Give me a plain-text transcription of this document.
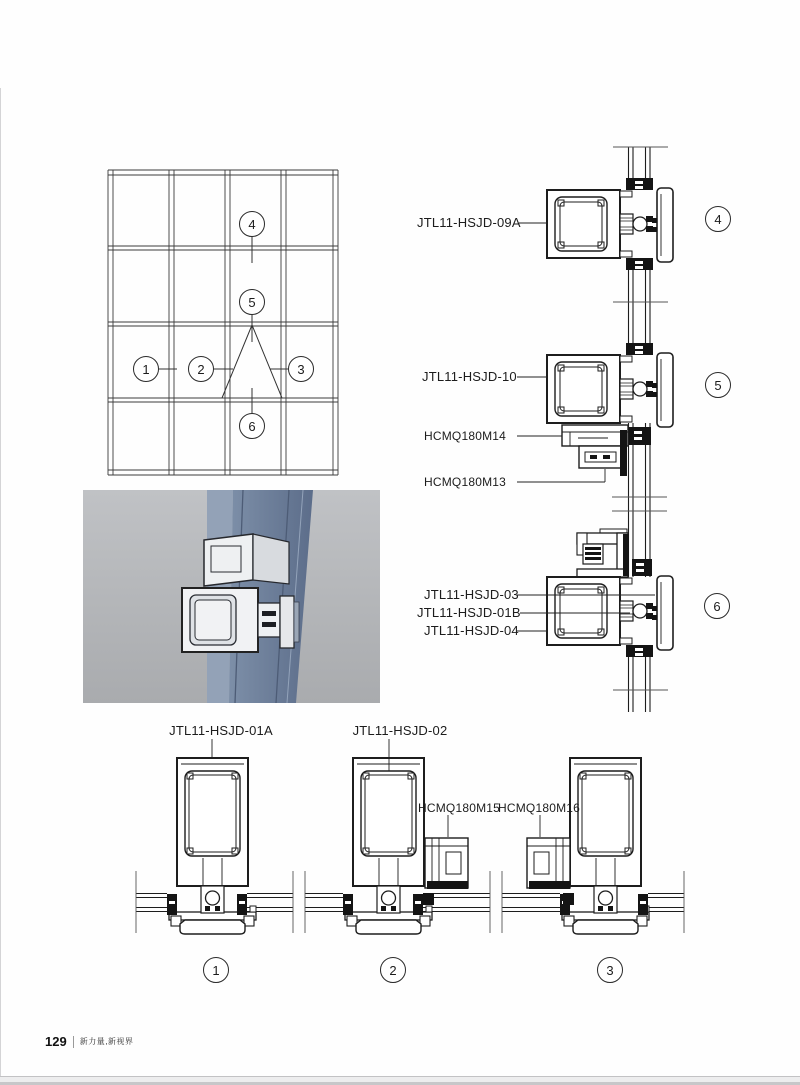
1	2	3
4
5
6
4
5
6
1	2	3
JTL11-HSJD-09A
JTL11-HSJD-10
HCMQ180M14
HCMQ180M13
JTL11-HSJD-03
JTL11-HSJD-01B
JTL11-HSJD-04
JTL11-HSJD-01A	JTL11-HSJD-02
HCMQ180M15
HCMQ180M16
129 新力量,新视界
